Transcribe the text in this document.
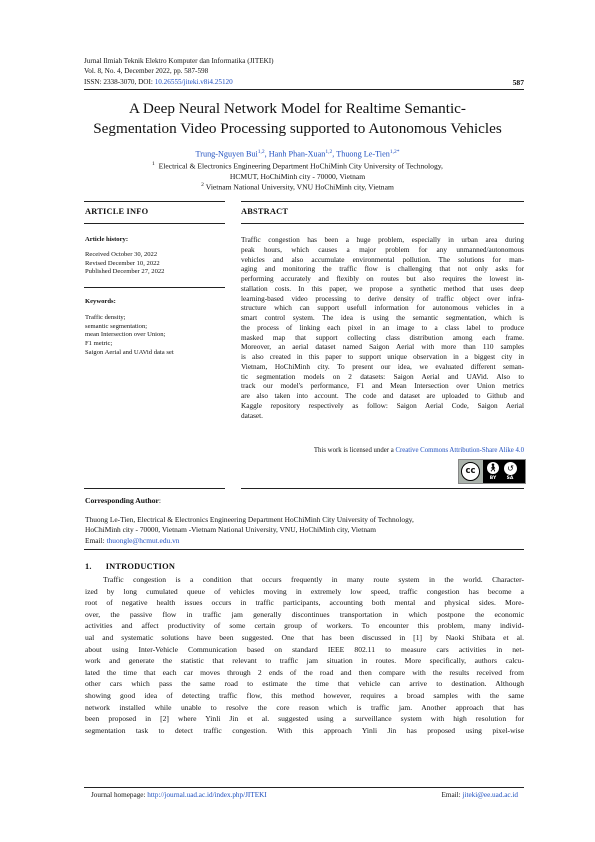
Jurnal Ilmiah Teknik Elektro Komputer dan Informatika (JITEKI)
Vol. 8, No. 4, December 2022, pp. 587-598
ISSN: 2338-3070, DOI: 10.26555/jiteki.v8i4.25120	587
A Deep Neural Network Model for Realtime Semantic-
Segmentation Video Processing supported to Autonomous Vehicles
Trung-Nguyen Bui$^{1,2}$, Hanh Phan-Xuan$^{1,2}$, Thuong Le-Tien$^{1,2*}$
$^1$ Electrical & Electronics Engineering Department HoChiMinh City University of Technology,
HCMUT, HoChiMinh city - 70000, Vietnam
$^2$ Vietnam National University, VNU HoChiMinh city, Vietnam
ARTICLE INFO	ABSTRACT
Article history:
Received October 30, 2022
Revised December 10, 2022
Published December 27, 2022
Keywords:
Traffic density;
semantic segmentation;
mean Intersection over Union;
F1 metric;
Saigon Aerial and UAVid data set
Traffic congestion has been a huge problem, especially in urban area during
peak hours, which causes a major problem for any unmanned/autonomous
vehicles and also accumulate environmental pollution. The solutions for man-
aging and monitoring the traffic flow is challenging that not only asks for
performing accurately and flexibly on routes but also requires the lowest in-
stallation costs. In this paper, we propose a synthetic method that uses deep
learning-based video processing to derive density of traffic object over infra-
structure which can support usefull information for autonomous vehicles in a
smart control system. The idea is using the semantic segmentation, which is
the process of linking each pixel in an image to a class label to produce
masked map that support collecting class distribution among each frame.
Moreover, an aerial dataset named Saigon Aerial with more than 110 samples
is also created in this paper to support unique observation in a biggest city in
Vietnam, HoChiMinh city. To present our idea, we evaluated different seman-
tic segmentation models on 2 datasets: Saigon Aerial and UAVid. Also to
track our model's performance, F1 and Mean Intersection over Union metrics
are also taken into account. The code and dataset are uploaded to Github and
Kaggle repository respectively as follow: Saigon Aerial Code, Saigon Aerial
dataset.
This work is licensed under a Creative Commons Attribution-Share Alike 4.0
cc	🚶︎	↺
BY	SA
Corresponding Author:
Thuong Le-Tien, Electrical & Electronics Engineering Department HoChiMinh City University of Technology,
HoChiMinh city - 70000, Vietnam -Vietnam National University, VNU, HoChiMinh city, Vietnam
Email: thuongle@hcmut.edu.vn
1. INTRODUCTION
Traffic congestion is a condition that occurs frequently in many route system in the world. Character-
ized by long cumulated queue of vehicles moving in extremely low speed, traffic congestion has become a
root of negative health issues occurs in traffic participants, accounting both mental and physical sides. More-
over, the passive flow in traffic jam generally discontinues transportation in which postpone the economic
activities and affect productivity of some certain group of workers. To encounter this problem, many individ-
ual and systematic solutions have been suggested. One that has been discussed in [1] by Naoki Shibata et al.
about using Inter-Vehicle Communication based on standard IEEE 802.11 to measure cars activities in net-
work and generate the statistic that relevant to traffic jam situation in routes. More specifically, authors calcu-
lated the time that each car moves through 2 ends of the road and then compare with the results received from
other cars which pass the same road to estimate the time that vehicle can arrive to destination. Although
showing good idea of detecting traffic flow, this method however, requires a broad samples with the same
network installed while unable to resolve the core reason which is traffic jam. Another approach that has
been proposed in [2] where Yinli Jin et al. suggested using a surveillance system with high resolution for
segmentation task to detect traffic congestion. With this approach Yinli Jin has proposed using pixel-wise
Journal homepage: http://journal.uad.ac.id/index.php/JITEKI	Email: jiteki@ee.uad.ac.id
